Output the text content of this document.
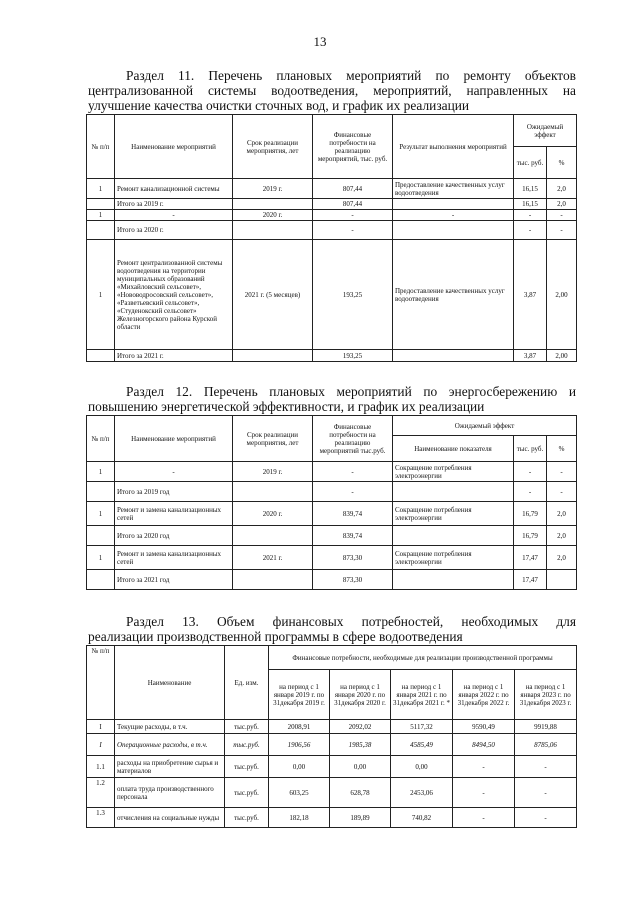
13
Раздел 11. Перечень плановых мероприятий по ремонту объектов централизованной системы водоотведения, мероприятий, направленных на
улучшение качества очистки сточных вод, и график их реализации
№ п/п	Наименование мероприятий	Срок реализации мероприятия, лет	Финансовые потребности на реализацию мероприятий, тыс. руб.	Результат выполнения мероприятий	Ожидаемый эффект	
					тыс. руб.	%
1	Ремонт канализационной системы	2019 г.	807,44	Предоставление качественных услуг водоотведения	16,15	2,0
	Итого за 2019 г.		807,44		16,15	2,0
1	-	2020 г.	-	-	-	-
	Итого за 2020 г.		-		-	-
1	Ремонт централизованной системы водоотведения на территории муниципальных образований «Михайловский сельсовет», «Нововодросовский сельсовет», «Разветьевский сельсовет», «Студенокский сельсовет» Железногорского района Курской области	2021 г. (5 месяцев)	193,25	Предоставление качественных услуг водоотведения	3,87	2,00
	Итого за 2021 г.		193,25		3,87	2,00
Раздел 12. Перечень плановых мероприятий по энергосбережению и
повышению энергетической эффективности, и график их реализации
№ п/п	Наименование мероприятий	Срок реализации мероприятия, лет	Финансовые потребности на реализацию мероприятий тыс.руб.	Ожидаемый эффект		
				Наименование показателя	тыс. руб.	%
1	-	2019 г.	-	Сокращение потребления электроэнергии	-	-
	Итого за 2019 год		-		-	-
1	Ремонт и замена канализационных сетей	2020 г.	839,74	Сокращение потребления электроэнергии	16,79	2,0
	Итого за 2020 год		839,74		16,79	2,0
1	Ремонт и замена канализационных сетей	2021 г.	873,30	Сокращение потребления электроэнергии	17,47	2,0
	Итого за 2021 год		873,30		17,47	
Раздел 13. Объем финансовых потребностей, необходимых для
реализации производственной программы в сфере водоотведения
№ п/п	Наименование	Ед. изм.	Финансовые потребности, необходимые для реализации производственной программы				
			на период с 1 января 2019 г. по 31декабря 2019 г.	на период с 1 января 2020 г. по 31декабря 2020 г.	на период с 1 января 2021 г. по 31декабря 2021 г. *	на период с 1 января 2022 г. по 31декабря 2022 г.	на период с 1 января 2023 г. по 31декабря 2023 г.
I	Текущие расходы, в т.ч.	тыс.руб.	2008,91	2092,02	5117,32	9590,49	9919,88
I	Операционные расходы, в т.ч.	тыс.руб.	1906,56	1985,38	4585,49	8494,50	8785,06
1.1	расходы на приобретение сырья и материалов	тыс.руб.	0,00	0,00	0,00	-	-
1.2	оплата труда производственного персонала	тыс.руб.	603,25	628,78	2453,06	-	-
1.3	отчисления на социальные нужды	тыс.руб.	182,18	189,89	740,82	-	-
